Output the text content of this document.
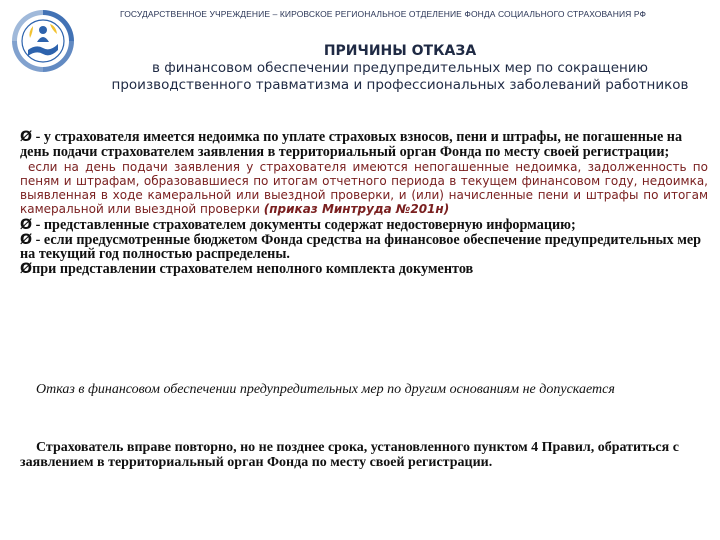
ГОСУДАРСТВЕННОЕ УЧРЕЖДЕНИЕ – КИРОВСКОЕ РЕГИОНАЛЬНОЕ ОТДЕЛЕНИЕ ФОНДА СОЦИАЛЬНОГО СТРАХОВАНИЯ РФ
ПРИЧИНЫ ОТКАЗА
в финансовом обеспечении предупредительных мер по сокращению производственного травматизма и профессиональных заболеваний работников

Ø - у страхователя имеется недоимка по уплате страховых взносов, пени и штрафы, не погашенные на день подачи страхователем заявления в территориальный орган Фонда по месту своей регистрации;

если на день подачи заявления у страхователя имеются непогашенные недоимка, задолженность по пеням и штрафам, образовавшиеся по итогам отчетного периода в текущем финансовом году, недоимка, выявленная в ходе камеральной или выездной проверки, и (или) начисленные пени и штрафы по итогам камеральной или выездной проверки (приказ Минтруда №201н)

Ø - представленные страхователем документы содержат недостоверную информацию;

Ø - если предусмотренные бюджетом Фонда средства на финансовое обеспечение предупредительных мер на текущий год полностью распределены.

Øпри представлении страхователем неполного комплекта документов

Отказ в финансовом обеспечении предупредительных мер по другим основаниям не допускается
Страхователь вправе повторно, но не позднее срока, установленного пунктом 4 Правил, обратиться с заявлением в территориальный орган Фонда по месту своей регистрации.
